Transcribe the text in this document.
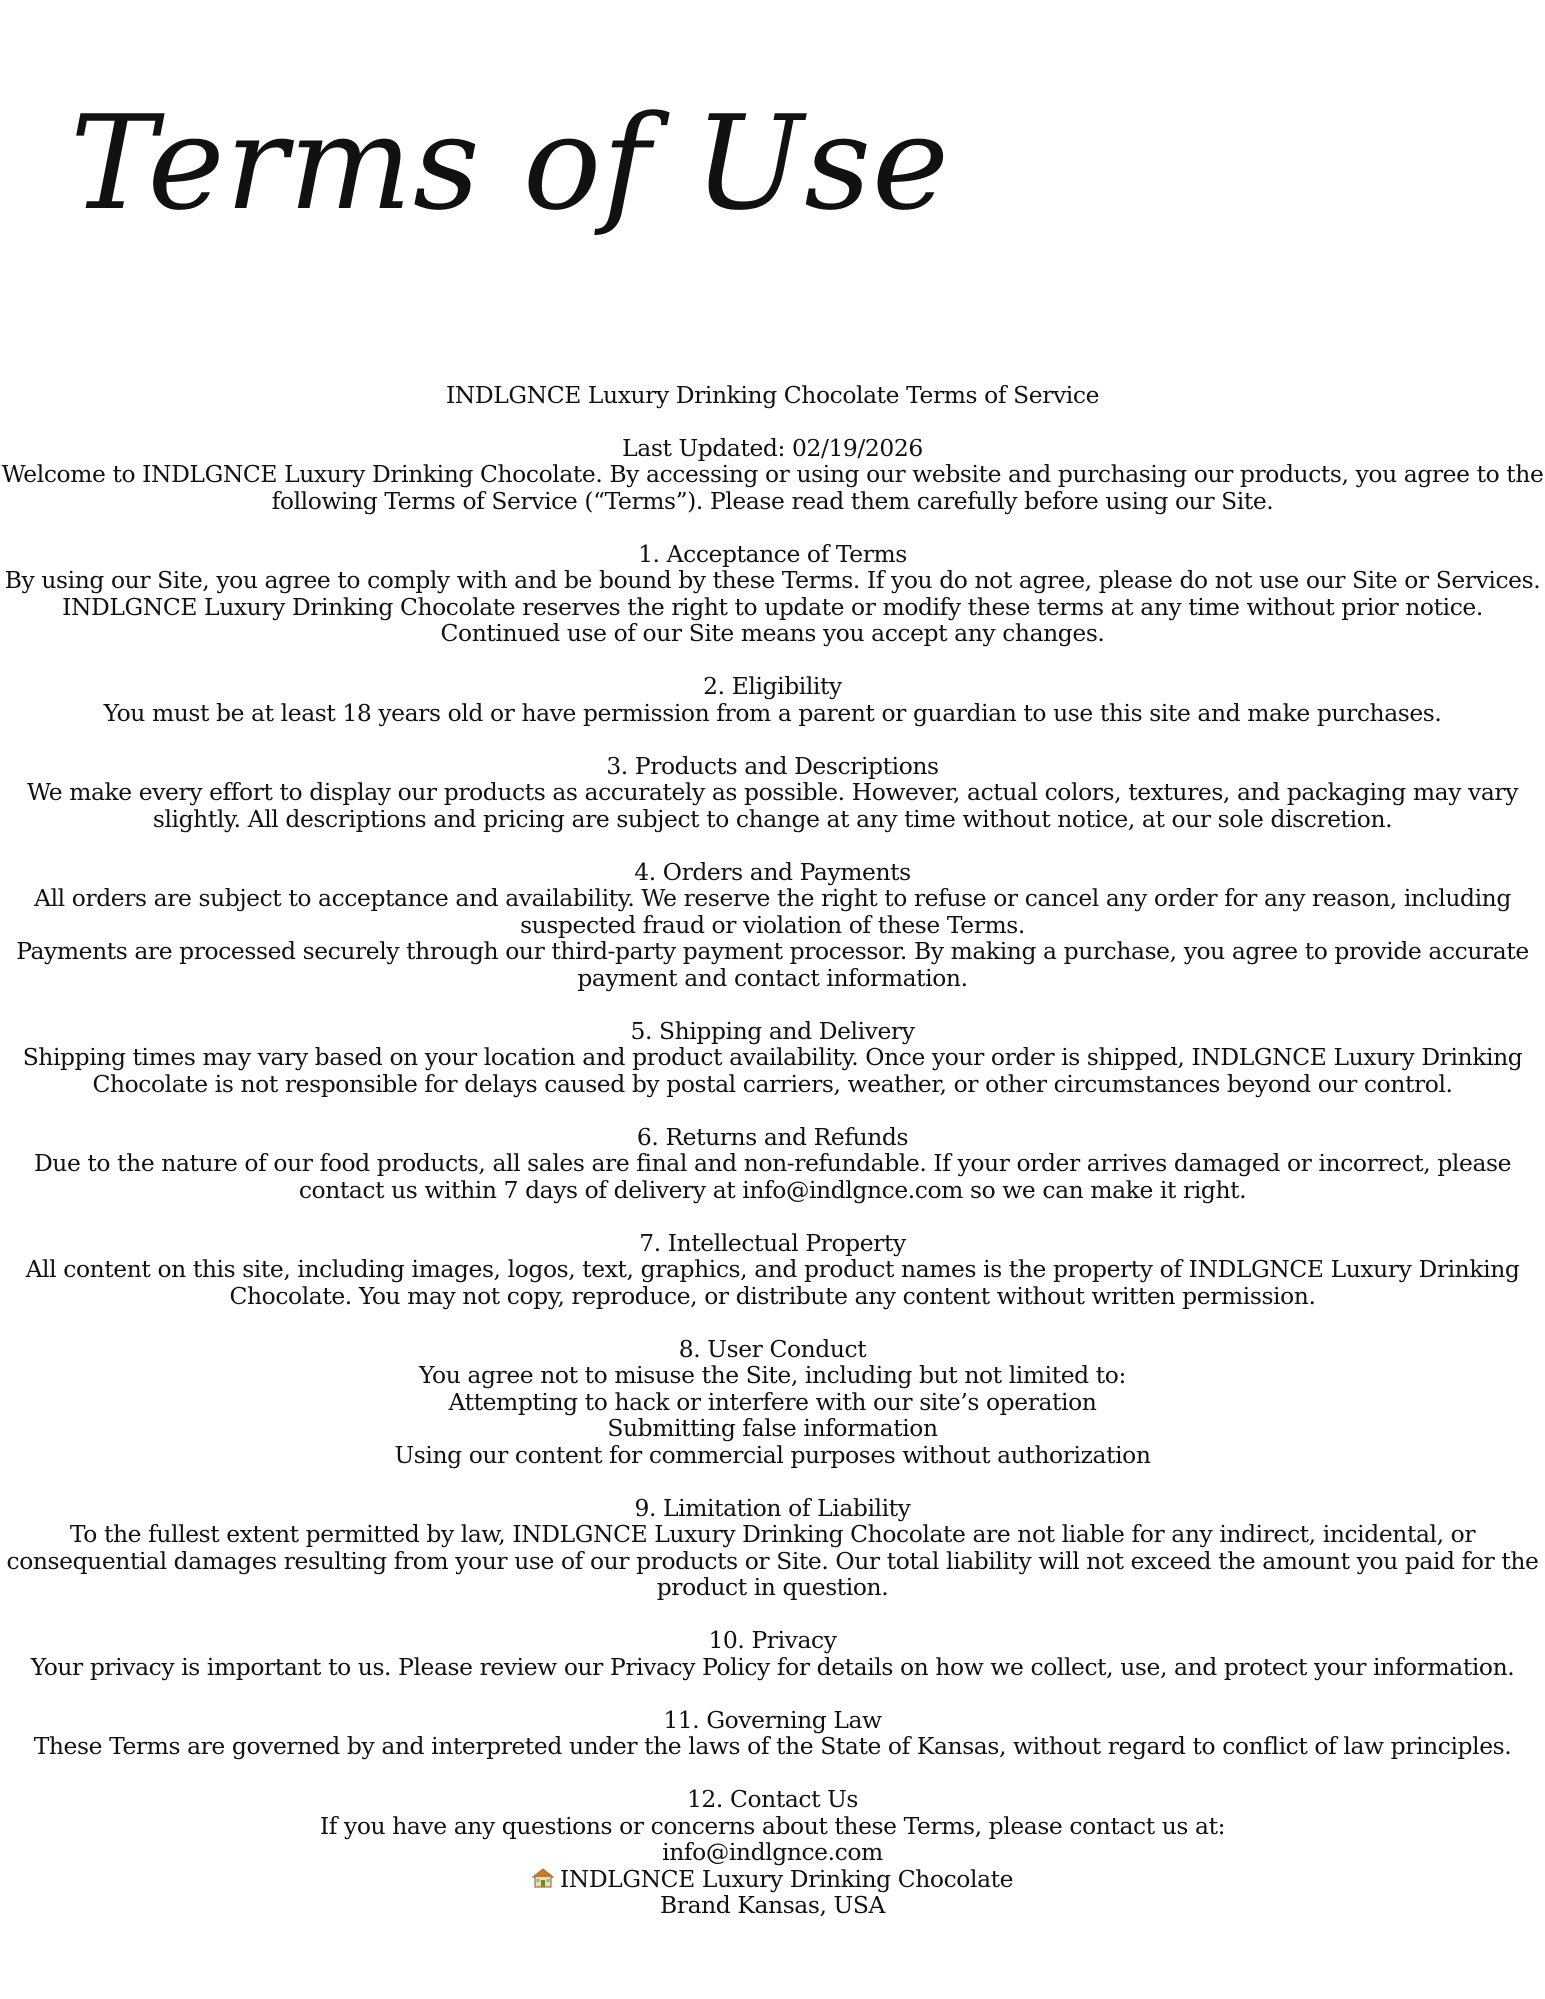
Terms of Use

INDLGNCE Luxury Drinking Chocolate Terms of Service

Last Updated: 02/19/2026

Welcome to INDLGNCE Luxury Drinking Chocolate. By accessing or using our website and purchasing our products, you agree to the following Terms of Service (“Terms”). Please read them carefully before using our Site.

1. Acceptance of Terms
By using our Site, you agree to comply with and be bound by these Terms. If you do not agree, please do not use our Site or Services. INDLGNCE Luxury Drinking Chocolate reserves the right to update or modify these terms at any time without prior notice. Continued use of our Site means you accept any changes.
2. Eligibility
You must be at least 18 years old or have permission from a parent or guardian to use this site and make purchases.
3. Products and Descriptions
We make every effort to display our products as accurately as possible. However, actual colors, textures, and packaging may vary slightly. All descriptions and pricing are subject to change at any time without notice, at our sole discretion.
4. Orders and Payments
All orders are subject to acceptance and availability. We reserve the right to refuse or cancel any order for any reason, including suspected fraud or violation of these Terms.
Payments are processed securely through our third-party payment processor. By making a purchase, you agree to provide accurate payment and contact information.
5. Shipping and Delivery
Shipping times may vary based on your location and product availability. Once your order is shipped, INDLGNCE Luxury Drinking Chocolate is not responsible for delays caused by postal carriers, weather, or other circumstances beyond our control.
6. Returns and Refunds
Due to the nature of our food products, all sales are final and non-refundable. If your order arrives damaged or incorrect, please contact us within 7 days of delivery at info@indlgnce.com so we can make it right.
7. Intellectual Property
All content on this site, including images, logos, text, graphics, and product names is the property of INDLGNCE Luxury Drinking Chocolate. You may not copy, reproduce, or distribute any content without written permission.
8. User Conduct
You agree not to misuse the Site, including but not limited to:
Attempting to hack or interfere with our site’s operation
Submitting false information
Using our content for commercial purposes without authorization
9. Limitation of Liability
To the fullest extent permitted by law, INDLGNCE Luxury Drinking Chocolate are not liable for any indirect, incidental, or consequential damages resulting from your use of our products or Site. Our total liability will not exceed the amount you paid for the product in question.
10. Privacy
Your privacy is important to us. Please review our Privacy Policy for details on how we collect, use, and protect your information.
11. Governing Law
These Terms are governed by and interpreted under the laws of the State of Kansas, without regard to conflict of law principles.
12. Contact Us
If you have any questions or concerns about these Terms, please contact us at:
info@indlgnce.com
INDLGNCE Luxury Drinking Chocolate
Brand Kansas, USA
